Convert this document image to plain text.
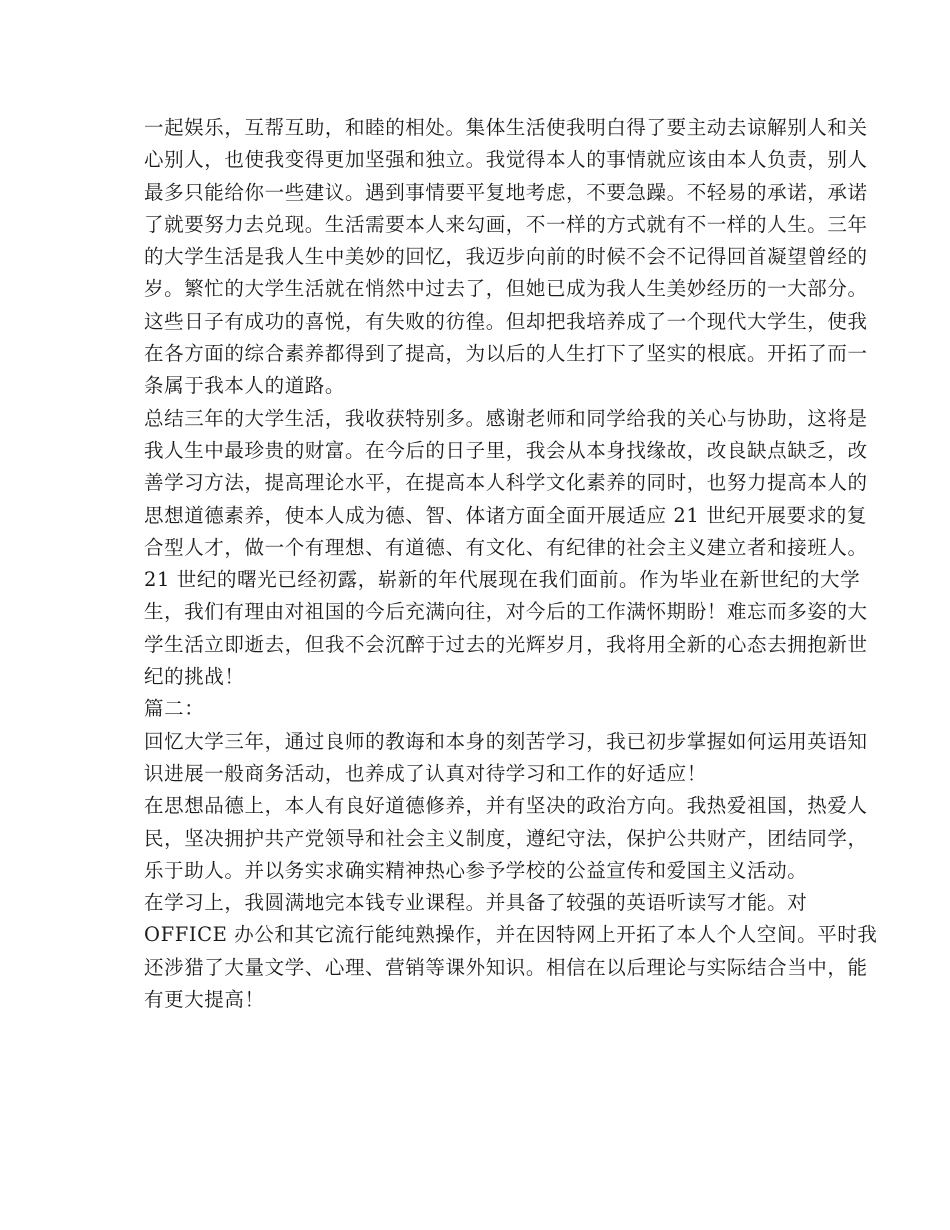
一起娱乐，互帮互助，和睦的相处。集体生活使我明白得了要主动去谅解别人和关
心别人，也使我变得更加坚强和独立。我觉得本人的事情就应该由本人负责，别人
最多只能给你一些建议。遇到事情要平复地考虑，不要急躁。不轻易的承诺，承诺
了就要努力去兑现。生活需要本人来勾画，不一样的方式就有不一样的人生。三年
的大学生活是我人生中美妙的回忆，我迈步向前的时候不会不记得回首凝望曾经的
岁。繁忙的大学生活就在悄然中过去了，但她已成为我人生美妙经历的一大部分。
这些日子有成功的喜悦，有失败的彷徨。但却把我培养成了一个现代大学生，使我
在各方面的综合素养都得到了提高，为以后的人生打下了坚实的根底。开拓了而一
条属于我本人的道路。
总结三年的大学生活，我收获特别多。感谢老师和同学给我的关心与协助，这将是
我人生中最珍贵的财富。在今后的日子里，我会从本身找缘故，改良缺点缺乏，改
善学习方法，提高理论水平，在提高本人科学文化素养的同时，也努力提高本人的
思想道德素养，使本人成为德、智、体诸方面全面开展适应 21 世纪开展要求的复
合型人才，做一个有理想、有道德、有文化、有纪律的社会主义建立者和接班人。
21 世纪的曙光已经初露，崭新的年代展现在我们面前。作为毕业在新世纪的大学
生，我们有理由对祖国的今后充满向往，对今后的工作满怀期盼！难忘而多姿的大
学生活立即逝去，但我不会沉醉于过去的光辉岁月，我将用全新的心态去拥抱新世
纪的挑战！
篇二：
回忆大学三年，通过良师的教诲和本身的刻苦学习，我已初步掌握如何运用英语知
识进展一般商务活动，也养成了认真对待学习和工作的好适应！
在思想品德上，本人有良好道德修养，并有坚决的政治方向。我热爱祖国，热爱人
民，坚决拥护共产党领导和社会主义制度，遵纪守法，保护公共财产，团结同学，
乐于助人。并以务实求确实精神热心参予学校的公益宣传和爱国主义活动。
在学习上，我圆满地完本钱专业课程。并具备了较强的英语听读写才能。对
OFFICE 办公和其它流行能纯熟操作，并在因特网上开拓了本人个人空间。平时我
还涉猎了大量文学、心理、营销等课外知识。相信在以后理论与实际结合当中，能
有更大提高！
